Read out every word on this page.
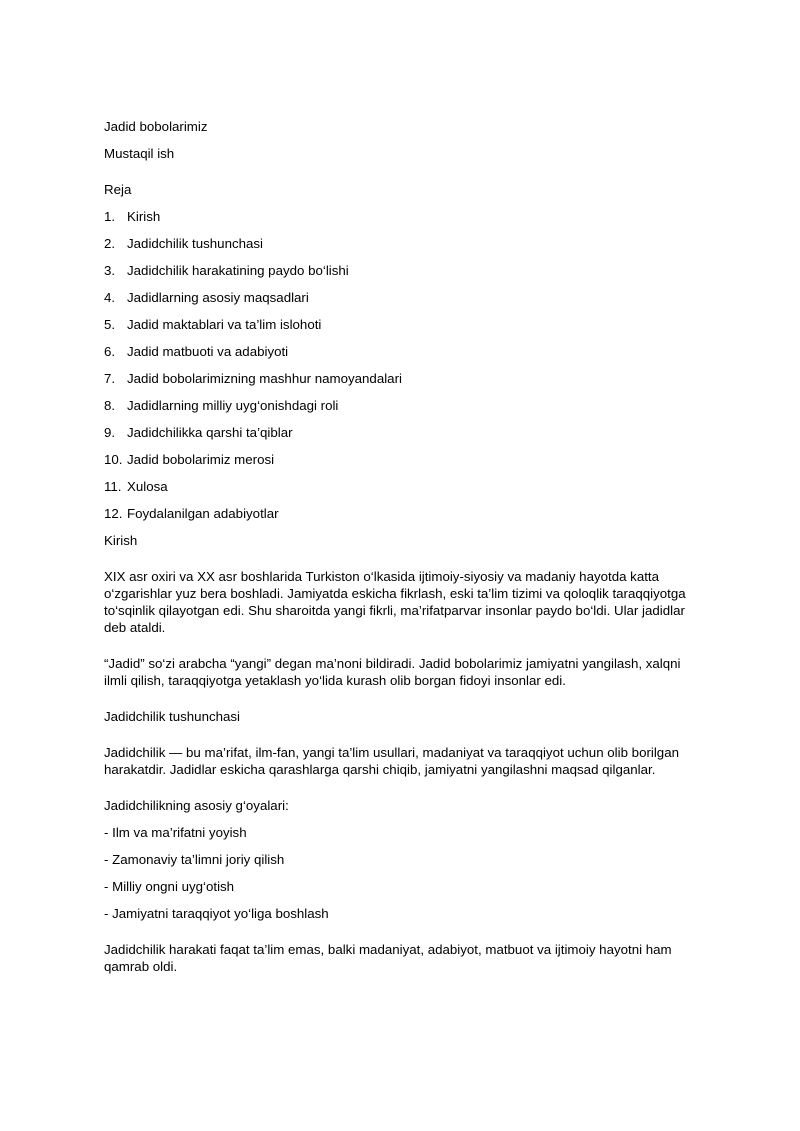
Jadid bobolarimiz

Mustaqil ish

Reja

1. Kirish
2. Jadidchilik tushunchasi
3. Jadidchilik harakatining paydo bo‘lishi
4. Jadidlarning asosiy maqsadlari
5. Jadid maktablari va ta’lim islohoti
6. Jadid matbuoti va adabiyoti
7. Jadid bobolarimizning mashhur namoyandalari
8. Jadidlarning milliy uyg‘onishdagi roli
9. Jadidchilikka qarshi ta’qiblar
10. Jadid bobolarimiz merosi
11. Xulosa
12. Foydalanilgan adabiyotlar

Kirish

XIX asr oxiri va XX asr boshlarida Turkiston o‘lkasida ijtimoiy-siyosiy va madaniy hayotda katta o‘zgarishlar yuz bera boshladi. Jamiyatda eskicha fikrlash, eski ta’lim tizimi va qoloqlik taraqqiyotga to‘sqinlik qilayotgan edi. Shu sharoitda yangi fikrli, ma’rifatparvar insonlar paydo bo‘ldi. Ular jadidlar deb ataldi.

“Jadid” so‘zi arabcha “yangi” degan ma’noni bildiradi. Jadid bobolarimiz jamiyatni yangilash, xalqni ilmli qilish, taraqqiyotga yetaklash yo‘lida kurash olib borgan fidoyi insonlar edi.

Jadidchilik tushunchasi

Jadidchilik — bu ma’rifat, ilm-fan, yangi ta’lim usullari, madaniyat va taraqqiyot uchun olib borilgan harakatdir. Jadidlar eskicha qarashlarga qarshi chiqib, jamiyatni yangilashni maqsad qilganlar.

Jadidchilikning asosiy g‘oyalari:

- Ilm va ma’rifatni yoyish

- Zamonaviy ta’limni joriy qilish

- Milliy ongni uyg‘otish

- Jamiyatni taraqqiyot yo‘liga boshlash

Jadidchilik harakati faqat ta’lim emas, balki madaniyat, adabiyot, matbuot va ijtimoiy hayotni ham qamrab oldi.
